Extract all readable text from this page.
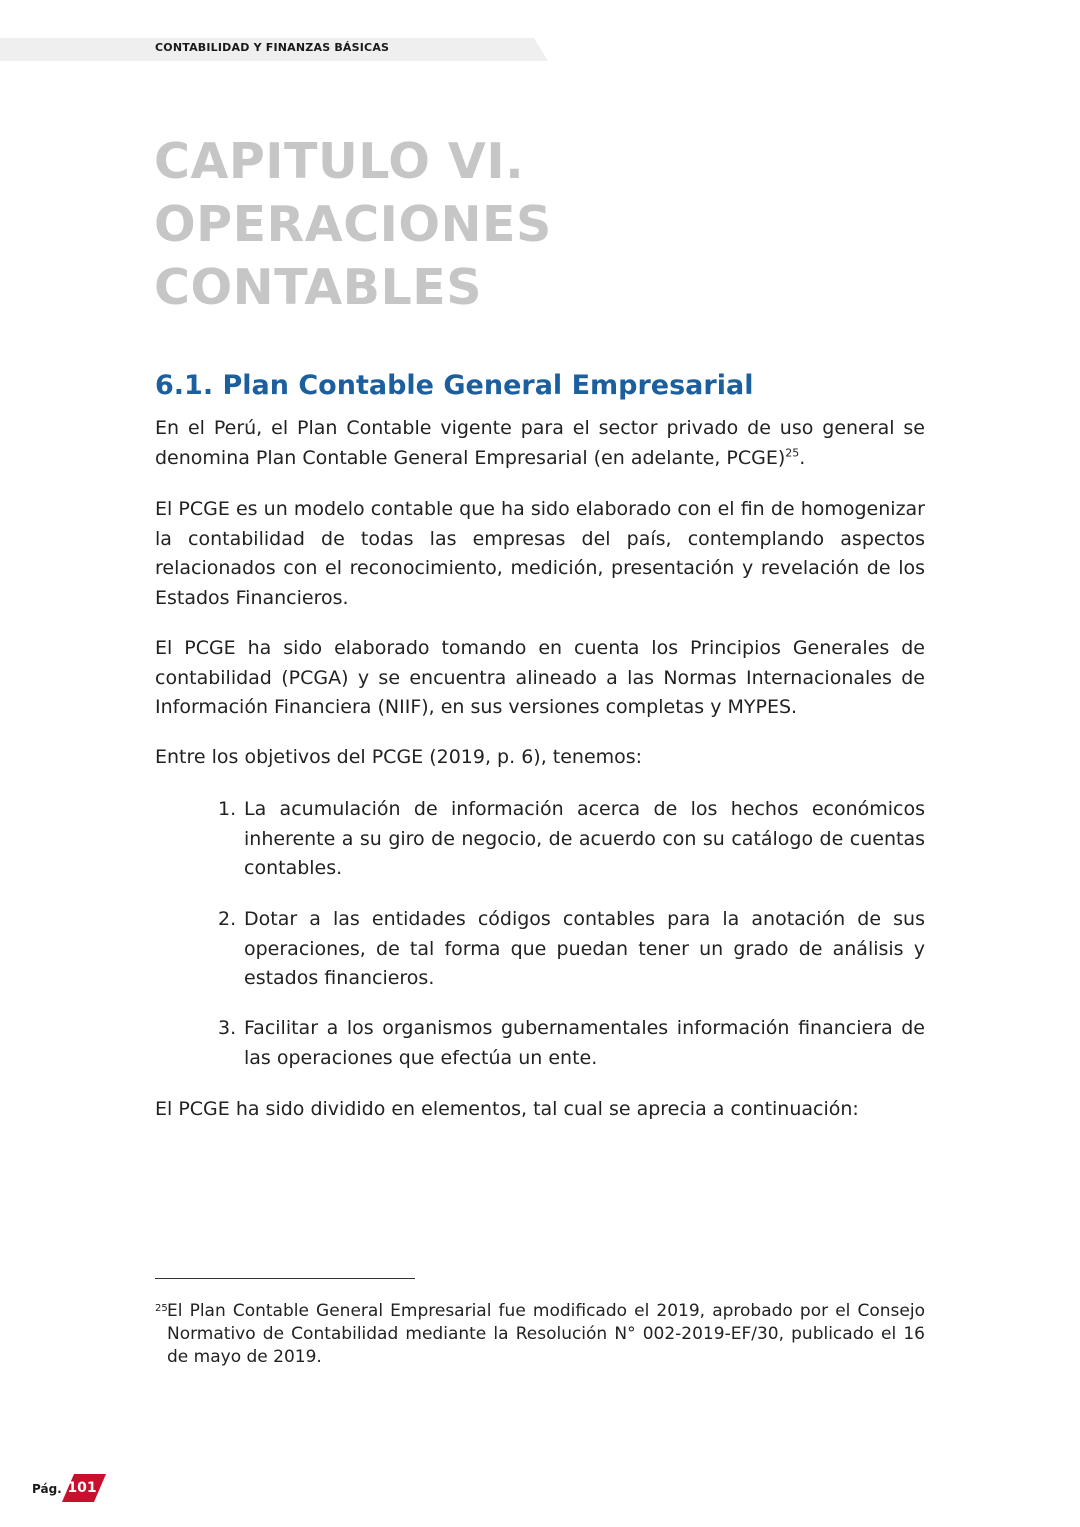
CONTABILIDAD Y FINANZAS BÁSICAS
CAPITULO VI.
OPERACIONES
CONTABLES
6.1. Plan Contable General Empresarial
En el Perú, el Plan Contable vigente para el sector privado de uso general se denomina Plan Contable General Empresarial (en adelante, PCGE)$^{25}$.
El PCGE es un modelo contable que ha sido elaborado con el fin de homogenizar la contabilidad de todas las empresas del país, contemplando aspectos relacionados con el reconocimiento, medición, presentación y revelación de los Estados Financieros.
El PCGE ha sido elaborado tomando en cuenta los Principios Generales de contabilidad (PCGA) y se encuentra alineado a las Normas Internacionales de Información Financiera (NIIF), en sus versiones completas y MYPES.
Entre los objetivos del PCGE (2019, p. 6), tenemos:
1. La acumulación de información acerca de los hechos económicos inherente a su giro de negocio, de acuerdo con su catálogo de cuentas contables.
2. Dotar a las entidades códigos contables para la anotación de sus operaciones, de tal forma que puedan tener un grado de análisis y estados financieros.
3. Facilitar a los organismos gubernamentales información financiera de las operaciones que efectúa un ente.
El PCGE ha sido dividido en elementos, tal cual se aprecia a continuación:
25 El Plan Contable General Empresarial fue modificado el 2019, aprobado por el Consejo Normativo de Contabilidad mediante la Resolución N° 002-2019-EF/30, publicado el 16 de mayo de 2019.
Pág. 101
